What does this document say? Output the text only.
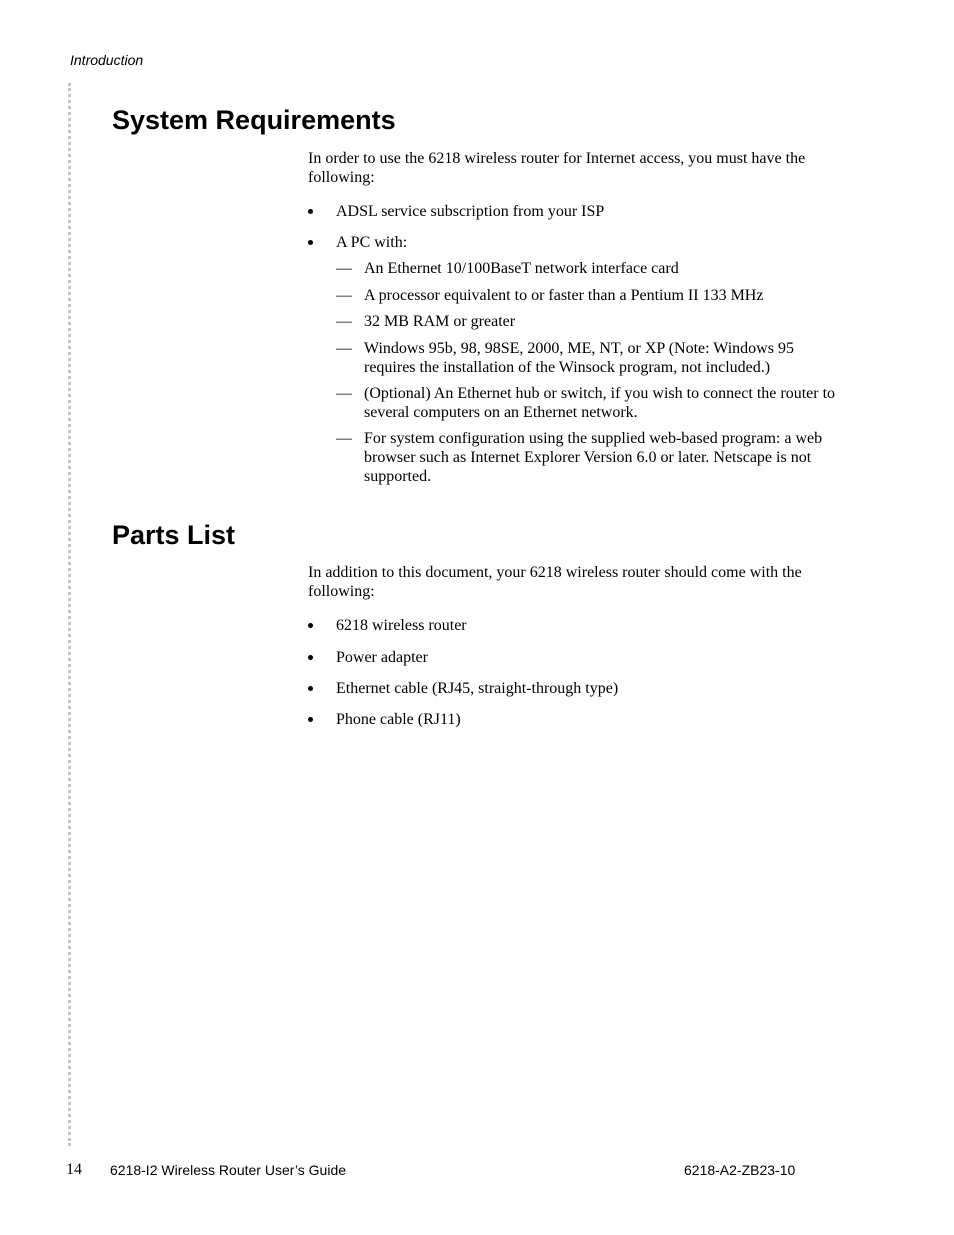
Introduction
System Requirements

In order to use the 6218 wireless router for Internet access, you must have the following:

ADSL service subscription from your ISP
A PC with:
— An Ethernet 10/100BaseT network interface card
— A processor equivalent to or faster than a Pentium II 133 MHz
— 32 MB RAM or greater
— Windows 95b, 98, 98SE, 2000, ME, NT, or XP (Note: Windows 95 requires the installation of the Winsock program, not included.)
— (Optional) An Ethernet hub or switch, if you wish to connect the router to several computers on an Ethernet network.
— For system configuration using the supplied web-based program: a web browser such as Internet Explorer Version 6.0 or later. Netscape is not supported.
Parts List

In addition to this document, your 6218 wireless router should come with the following:

6218 wireless router
Power adapter
Ethernet cable (RJ45, straight-through type)
Phone cable (RJ11)
14 6218-I2 Wireless Router User’s Guide	6218-A2-ZB23-10
